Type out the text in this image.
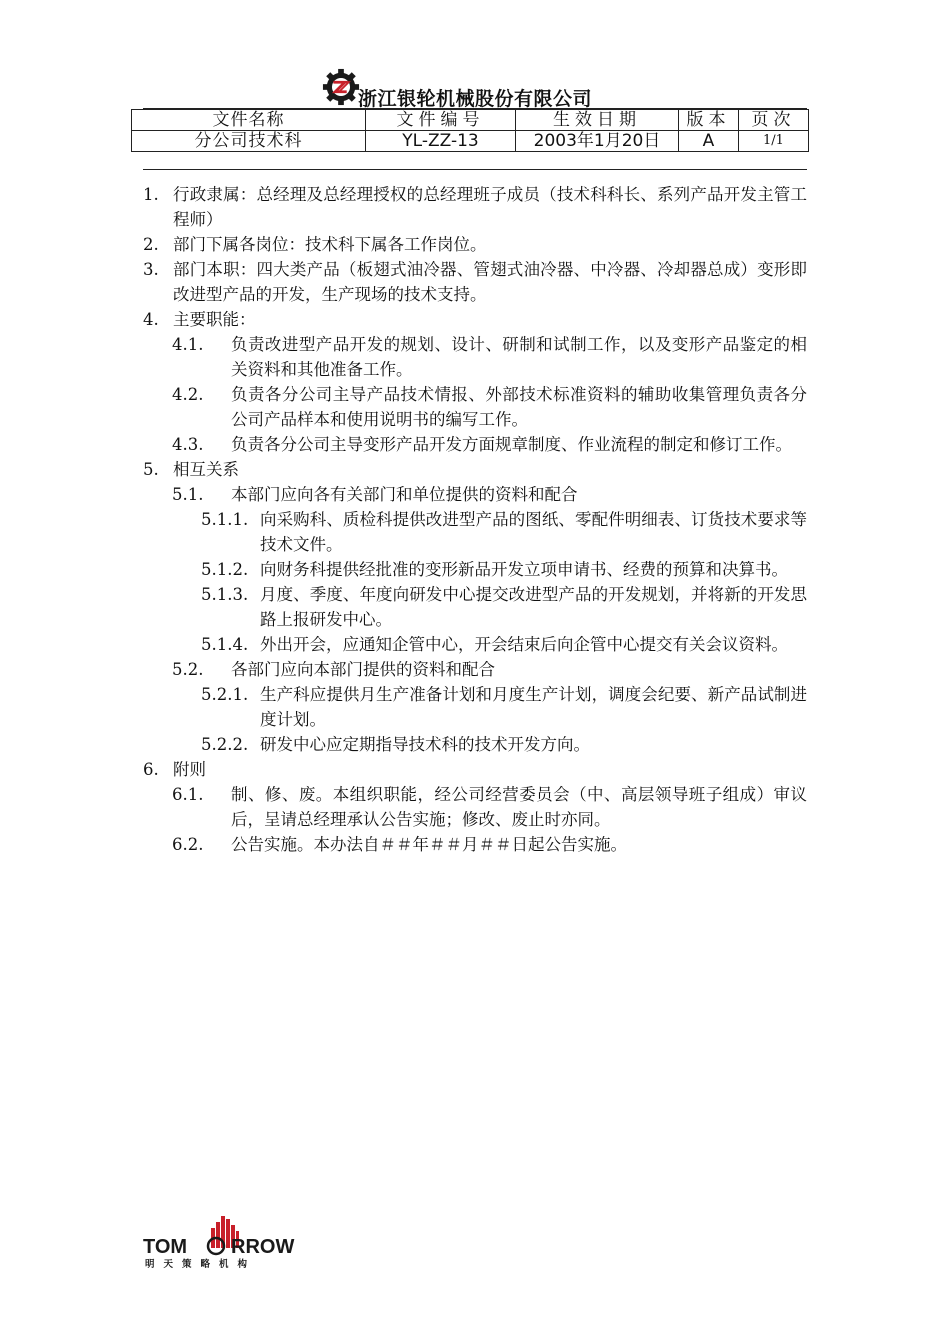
浙江银轮机械股份有限公司
文件名称	文件编号	生效日期	版本	页次
分公司技术科	YL-ZZ-13	2003年1月20日	A	1/1
1. 行政隶属：总经理及总经理授权的总经理班子成员（技术科科长、系列产品开发主管工程师）
2. 部门下属各岗位：技术科下属各工作岗位。
3. 部门本职：四大类产品（板翅式油冷器、管翅式油冷器、中冷器、冷却器总成）变形即改进型产品的开发，生产现场的技术支持。
4. 主要职能：
4.1. 负责改进型产品开发的规划、设计、研制和试制工作，以及变形产品鉴定的相关资料和其他准备工作。
4.2. 负责各分公司主导产品技术情报、外部技术标准资料的辅助收集管理负责各分公司产品样本和使用说明书的编写工作。
4.3. 负责各分公司主导变形产品开发方面规章制度、作业流程的制定和修订工作。
5. 相互关系
5.1. 本部门应向各有关部门和单位提供的资料和配合
5.1.1. 向采购科、质检科提供改进型产品的图纸、零配件明细表、订货技术要求等技术文件。
5.1.2. 向财务科提供经批准的变形新品开发立项申请书、经费的预算和决算书。
5.1.3. 月度、季度、年度向研发中心提交改进型产品的开发规划，并将新的开发思路上报研发中心。
5.1.4. 外出开会，应通知企管中心，开会结束后向企管中心提交有关会议资料。
5.2. 各部门应向本部门提供的资料和配合
5.2.1. 生产科应提供月生产准备计划和月度生产计划，调度会纪要、新产品试制进度计划。
5.2.2. 研发中心应定期指导技术科的技术开发方向。
6. 附则
6.1. 制、修、废。本组织职能，经公司经营委员会（中、高层领导班子组成）审议后，呈请总经理承认公告实施；修改、废止时亦同。
6.2. 公告实施。本办法自＃＃年＃＃月＃＃日起公告实施。
TOM RROW
明天策略机构
